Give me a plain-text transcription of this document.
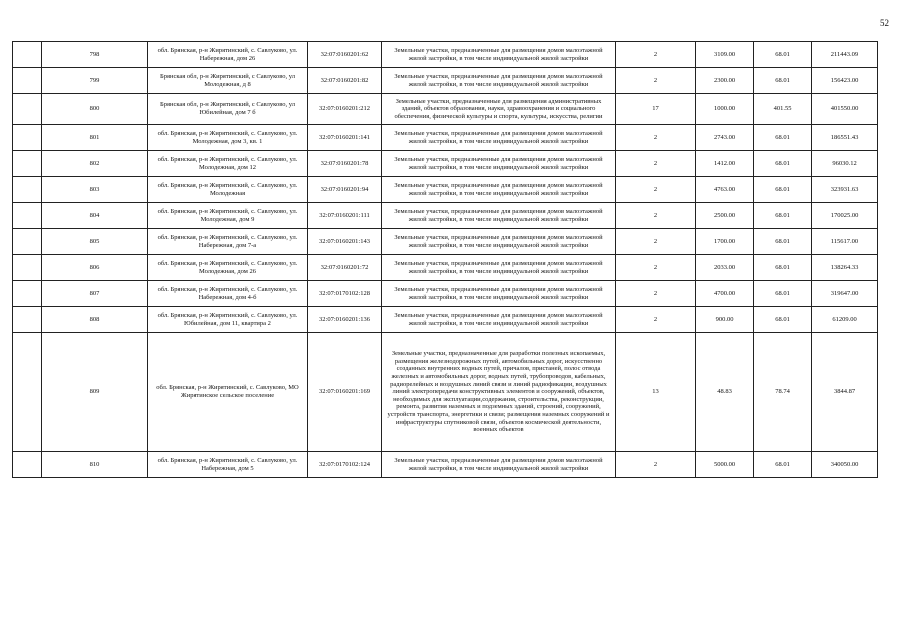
52
	798	обл. Брянская, р-н Жирятинский, с. Савлуково, ул. Набережная, дом 26	32:07:0160201:62	Земельные участки, предназначенные для размещения домов малоэтажной жилой застройки, в том числе индивидуальной жилой застройки	2	3109.00	68.01	211443.09
	799	Брянская обл, р-н Жирятинский, с Савлуково, ул Молодежная, д 8	32:07:0160201:82	Земельные участки, предназначенные для размещения домов малоэтажной жилой застройки, в том числе индивидуальной жилой застройки	2	2300.00	68.01	156423.00
	800	Брянская обл, р-н Жирятинский, с Савлуково, ул Юбилейная, дом 7 б	32:07:0160201:212	Земельные участки, предназначенные для размещения административных зданий, объектов образования, науки, здравоохранения и социального обеспечения, физической культуры и спорта, культуры, искусства, религии	17	1000.00	401.55	401550.00
	801	обл. Брянская, р-н Жирятинский, с. Савлуково, ул. Молодежная, дом 3, кв. 1	32:07:0160201:141	Земельные участки, предназначенные для размещения домов малоэтажной жилой застройки, в том числе индивидуальной жилой застройки	2	2743.00	68.01	186551.43
	802	обл. Брянская, р-н Жирятинский, с. Савлуково, ул. Молодежная, дом 12	32:07:0160201:78	Земельные участки, предназначенные для размещения домов малоэтажной жилой застройки, в том числе индивидуальной жилой застройки	2	1412.00	68.01	96030.12
	803	обл. Брянская, р-н Жирятинский, с. Савлуково, ул. Молодежная	32:07:0160201:94	Земельные участки, предназначенные для размещения домов малоэтажной жилой застройки, в том числе индивидуальной жилой застройки	2	4763.00	68.01	323931.63
	804	обл. Брянская, р-н Жирятинский, с. Савлуково, ул. Молодежная, дом 9	32:07:0160201:111	Земельные участки, предназначенные для размещения домов малоэтажной жилой застройки, в том числе индивидуальной жилой застройки	2	2500.00	68.01	170025.00
	805	обл. Брянская, р-н Жирятинский, с. Савлуково, ул. Набережная, дом 7-а	32:07:0160201:143	Земельные участки, предназначенные для размещения домов малоэтажной жилой застройки, в том числе индивидуальной жилой застройки	2	1700.00	68.01	115617.00
	806	обл. Брянская, р-н Жирятинский, с. Савлуково, ул. Молодежная, дом 26	32:07:0160201:72	Земельные участки, предназначенные для размещения домов малоэтажной жилой застройки, в том числе индивидуальной жилой застройки	2	2033.00	68.01	138264.33
	807	обл. Брянская, р-н Жирятинский, с. Савлуково, ул. Набережная, дом 4-б	32:07:0170102:128	Земельные участки, предназначенные для размещения домов малоэтажной жилой застройки, в том числе индивидуальной жилой застройки	2	4700.00	68.01	319647.00
	808	обл. Брянская, р-н Жирятинский, с. Савлуково, ул. Юбилейная, дом 11, квартира 2	32:07:0160201:136	Земельные участки, предназначенные для размещения домов малоэтажной жилой застройки, в том числе индивидуальной жилой застройки	2	900.00	68.01	61209.00
	809	обл. Брянская, р-н Жирятинский, с. Савлуково, МО Жирятинское сельское поселение	32:07:0160201:169	Земельные участки, предназначенные для разработки полезных ископаемых, размещения железнодорожных путей, автомобильных дорог, искусственно созданных внутренних водных путей, причалов, пристаней, полос отвода железных и автомобильных дорог, водных путей, трубопроводов, кабельных, радиорелейных и воздушных линий связи и линий радиофикации, воздушных линий электропередачи конструктивных элементов и сооружений, объектов, необходимых для эксплуатации,содержания, строительства, реконструкции, ремонта, развития наземных и подземных зданий, строений, сооружений, устройств транспорта, энергетики и связи; размещения наземных сооружений и инфраструктуры спутниковой связи, объектов космической деятельности, военных объектов	13	48.83	78.74	3844.87
	810	обл. Брянская, р-н Жирятинский, с. Савлуково, ул. Набережная, дом 5	32:07:0170102:124	Земельные участки, предназначенные для размещения домов малоэтажной жилой застройки, в том числе индивидуальной жилой застройки	2	5000.00	68.01	340050.00
